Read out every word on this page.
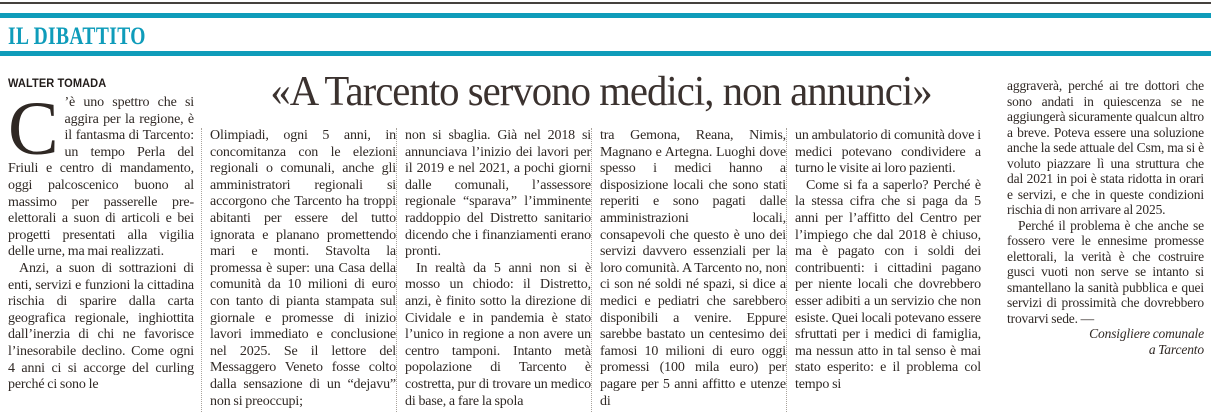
IL DIBATTITO
WALTER TOMADA	«A Tarcento servono medici, non annunci»

C ’è uno spettro che si aggira per la regione, è il fantasma di Tarcento: un tempo Perla del Friuli e centro di mandamento, oggi palcoscenico buono al massimo per passerelle pre-elettorali a suon di articoli e bei progetti presentati alla vigilia delle urne, ma mai realizzati.

Anzi, a suon di sottrazioni di enti, servizi e funzioni la cittadina rischia di sparire dalla carta geografica regionale, inghiottita dall’inerzia di chi ne favorisce l’inesorabile declino. Come ogni 4 anni ci si accorge del curling perché ci sono le

Olimpiadi, ogni 5 anni, in concomitanza con le elezioni regionali o comunali, anche gli amministratori regionali si accorgono che Tarcento ha troppi abitanti per essere del tutto ignorata e planano promettendo mari e monti. Stavolta la promessa è super: una Casa della comunità da 10 milioni di euro con tanto di pianta stampata sul giornale e promesse di inizio lavori immediato e conclusione nel 2025. Se il lettore del Messaggero Veneto fosse colto dalla sensazione di un “dejavu” non si preoccupi;

non si sbaglia. Già nel 2018 si annunciava l’inizio dei lavori per il 2019 e nel 2021, a pochi giorni dalle comunali, l’assessore regionale “sparava” l’imminente raddoppio del Distretto sanitario dicendo che i finanziamenti erano pronti.

In realtà da 5 anni non si è mosso un chiodo: il Distretto, anzi, è finito sotto la direzione di Cividale e in pandemia è stato l’unico in regione a non avere un centro tamponi. Intanto metà popolazione di Tarcento è costretta, pur di trovare un medico di base, a fare la spola

tra Gemona, Reana, Nimis, Magnano e Artegna. Luoghi dove spesso i medici hanno a disposizione locali che sono stati reperiti e sono pagati dalle amministrazioni locali, consapevoli che questo è uno dei servizi davvero essenziali per la loro comunità. A Tarcento no, non ci son né soldi né spazi, si dice a medici e pediatri che sarebbero disponibili a venire. Eppure sarebbe bastato un centesimo dei famosi 10 milioni di euro oggi promessi (100 mila euro) per pagare per 5 anni affitto e utenze di

un ambulatorio di comunità dove i medici potevano condividere a turno le visite ai loro pazienti.

Come si fa a saperlo? Perché è la stessa cifra che si paga da 5 anni per l’affitto del Centro per l’impiego che dal 2018 è chiuso, ma è pagato con i soldi dei contribuenti: i cittadini pagano per niente locali che dovrebbero esser adibiti a un servizio che non esiste. Quei locali potevano essere sfruttati per i medici di famiglia, ma nessun atto in tal senso è mai stato esperito: e il problema col tempo si

aggraverà, perché ai tre dottori che sono andati in quiescenza se ne aggiungerà sicuramente qualcun altro a breve. Poteva essere una soluzione anche la sede attuale del Csm, ma si è voluto piazzare lì una struttura che dal 2021 in poi è stata ridotta in orari e servizi, e che in queste condizioni rischia di non arrivare al 2025.

Perché il problema è che anche se fossero vere le ennesime promesse elettorali, la verità è che costruire gusci vuoti non serve se intanto si smantellano la sanità pubblica e quei servizi di prossimità che dovrebbero trovarvi sede. —

Consigliere comunale

a Tarcento
